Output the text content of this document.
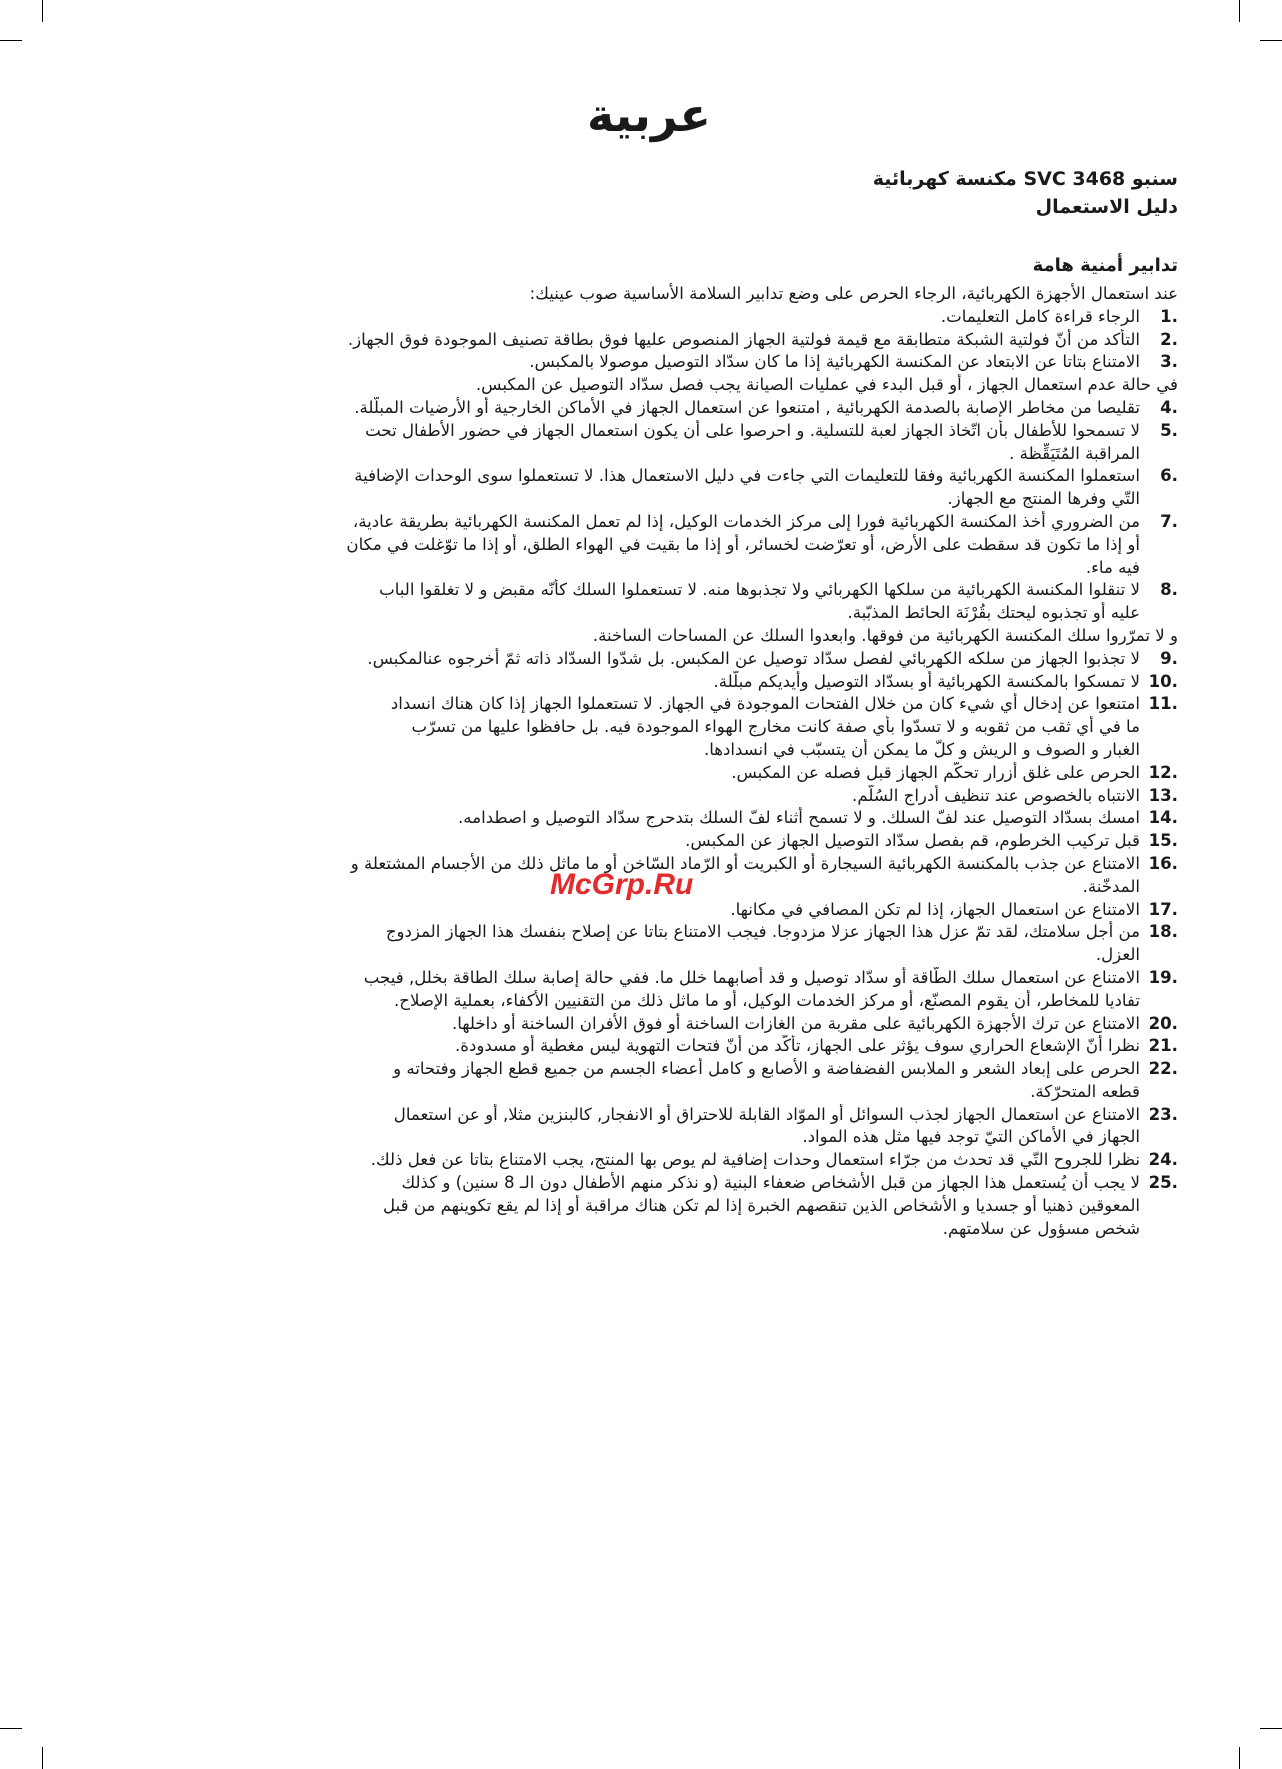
عربية
سنبو SVC 3468 مكنسة كهربائية
دليل الاستعمال
تدابير أمنية هامة
عند استعمال الأجهزة الكهربائية، الرجاء الحرص على وضع تدابير السلامة الأساسية صوب عينيك:
1.الرجاء قراءة كامل التعليمات.
2.التأكد من أنّ فولتية الشبكة متطابقة مع قيمة فولتية الجهاز المنصوص عليها فوق بطاقة تصنيف الموجودة فوق الجهاز.
3.الامتناع بتاتا عن الابتعاد عن المكنسة الكهربائية إذا ما كان سدّاد التوصيل موصولا بالمكبس.
في حالة عدم استعمال الجهاز ، أو قبل البدء في عمليات الصيانة يجب فصل سدّاد التوصيل عن المكبس.
4.تقليصا من مخاطر الإصابة بالصدمة الكهربائية , امتنعوا عن استعمال الجهاز في الأماكن الخارجية أو الأرضيات المبلّلة.
5.لا تسمحوا للأطفال بأن اتّخاذ الجهاز لعبة للتسلية. و احرصوا على أن يكون استعمال الجهاز في حضور الأطفال تحت
المراقبة المُتَيَقِّظة .
6.استعملوا المكنسة الكهربائية وفقا للتعليمات التي جاءت في دليل الاستعمال هذا. لا تستعملوا سوى الوحدات الإضافية
التّي وفرها المنتج مع الجهاز.
7.من الضروري أخذ المكنسة الكهربائية فورا إلى مركز الخدمات الوكيل، إذا لم تعمل المكنسة الكهربائية بطريقة عادية،
أو إذا ما تكون قد سقطت على الأرض، أو تعرّضت لخسائر، أو إذا ما بقيت في الهواء الطلق، أو إذا ما توّغلت في مكان
فيه ماء.
8.لا تنقلوا المكنسة الكهربائية من سلكها الكهربائي ولا تجذبوها منه. لا تستعملوا السلك كأنّه مقبض و لا تغلقوا الباب
عليه أو تجذبوه ليحتك بقُرْنَة الحائط المذبّبة.
و لا تمرّروا سلك المكنسة الكهربائية من فوقها. وابعدوا السلك عن المساحات الساخنة.
9.لا تجذبوا الجهاز من سلكه الكهربائي لفصل سدّاد توصيل عن المكبس. بل شدّوا السدّاد ذاته ثمّ أخرجوه عنالمكبس.
10.لا تمسكوا بالمكنسة الكهربائية أو بسدّاد التوصيل وأيديكم مبلّلة.
11.امتنعوا عن إدخال أي شيء كان من خلال الفتحات الموجودة في الجهاز. لا تستعملوا الجهاز إذا كان هناك انسداد
ما في أي ثقب من ثقوبه و لا تسدّوا بأي صفة كانت مخارج الهواء الموجودة فيه. بل حافظوا عليها من تسرّب
الغبار و الصوف و الريش و كلّ ما يمكن أن يتسبّب في انسدادها.
12.الحرص على غلق أزرار تحكّم الجهاز قبل فصله عن المكبس.
13.الانتباه بالخصوص عند تنظيف أدراج السُلّم.
14.امسك بسدّاد التوصيل عند لفّ السلك. و لا تسمح أثناء لفّ السلك بتدحرج سدّاد التوصيل و اصطدامه.
15.قبل تركيب الخرطوم، قم بفصل سدّاد التوصيل الجهاز عن المكبس.
16.الامتناع عن جذب بالمكنسة الكهربائية السيجارة أو الكبريت أو الرّماد السّاخن أو ما ماثل ذلك من الأجسام المشتعلة و
المدخّنة.
17.الامتناع عن استعمال الجهاز، إذا لم تكن المصافي في مكانها.
18.من أجل سلامتك، لقد تمّ عزل هذا الجهاز عزلا مزدوجا. فيجب الامتناع بتاتا عن إصلاح بنفسك هذا الجهاز المزدوج
العزل.
19.الامتناع عن استعمال سلك الطّاقة أو سدّاد توصيل و قد أصابهما خلل ما. ففي حالة إصابة سلك الطاقة بخلل, فيجب
تفاديا للمخاطر، أن يقوم المصنّع، أو مركز الخدمات الوكيل، أو ما ماثل ذلك من التقنيين الأكفاء، بعملية الإصلاح.
20.الامتناع عن ترك الأجهزة الكهربائية على مقربة من الغازات الساخنة أو فوق الأفران الساخنة أو داخلها.
21.نظرا أنّ الإشعاع الحراري سوف يؤثر على الجهاز، تأكّد من أنّ فتحات التهوية ليس مغطية أو مسدودة.
22.الحرص على إبعاد الشعر و الملابس الفضفاضة و الأصابع و كامل أعضاء الجسم من جميع قطع الجهاز وفتحاته و
قطعه المتحرّكة.
23.الامتناع عن استعمال الجهاز لجذب السوائل أو الموّاد القابلة للاحتراق أو الانفجار, كالبنزين مثلا, أو عن استعمال
الجهاز في الأماكن التيّ توجد فيها مثل هذه المواد.
24.نظرا للجروح التّي قد تحدث من جرّاء استعمال وحدات إضافية لم يوص بها المنتج، يجب الامتناع بتاتا عن فعل ذلك.
25.لا يجب أن يُستعمل هذا الجهاز من قبل الأشخاص ضعفاء البنية (و نذكر منهم الأطفال دون الـ 8 سنين) و كذلك
المعوقين ذهنيا أو جسديا و الأشخاص الذين تنقصهم الخبرة إذا لم تكن هناك مراقبة أو إذا لم يقع تكوينهم من قبل
شخص مسؤول عن سلامتهم.
McGrp.Ru
